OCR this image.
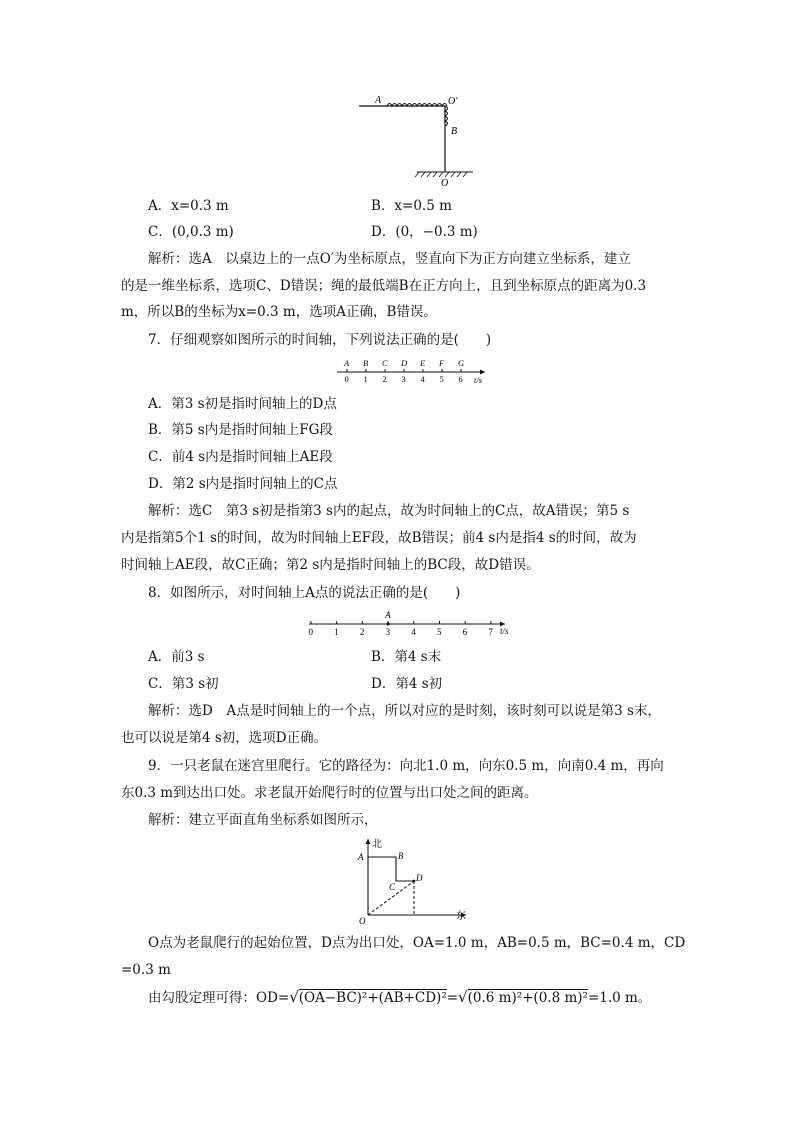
A	O′
B
O
A．x=0.3 m	B．x=0.5 m
C．(0,0.3 m)	D．(0，−0.3 m)
解析：选A　以桌边上的一点O′为坐标原点，竖直向下为正方向建立坐标系，建立
的是一维坐标系，选项C、D错误；绳的最低端B在正方向上，且到坐标原点的距离为0.3
m，所以B的坐标为x=0.3 m，选项A正确，B错误。
7．仔细观察如图所示的时间轴，下列说法正确的是(　　)
A
0
B
1
C
2
D
3
E
4
F
5
G
6 t/s
A．第3 s初是指时间轴上的D点
B．第5 s内是指时间轴上FG段
C．前4 s内是指时间轴上AE段
D．第2 s内是指时间轴上的C点
解析：选C　第3 s初是指第3 s内的起点，故为时间轴上的C点，故A错误；第5 s
内是指第5个1 s的时间，故为时间轴上EF段，故B错误；前4 s内是指4 s的时间，故为
时间轴上AE段，故C正确；第2 s内是指时间轴上的BC段，故D错误。
8．如图所示，对时间轴上A点的说法正确的是(　　)
0 1 2 3 4 5 6 7
A
t/s
A．前3 s	B．第4 s末
C．第3 s初	D．第4 s初
解析：选D　A点是时间轴上的一个点，所以对应的是时刻，该时刻可以说是第3 s末，
也可以说是第4 s初，选项D正确。
9．一只老鼠在迷宫里爬行。它的路径为：向北1.0 m，向东0.5 m，向南0.4 m，再向
东0.3 m到达出口处。求老鼠开始爬行时的位置与出口处之间的距离。
解析：建立平面直角坐标系如图所示，
北
东
A	B
C
D
O
O点为老鼠爬行的起始位置，D点为出口处，OA=1.0 m，AB=0.5 m，BC=0.4 m，CD
=0.3 m
由勾股定理可得：OD=√(OA−BC)²+(AB+CD)²=√(0.6 m)²+(0.8 m)²=1.0 m。
